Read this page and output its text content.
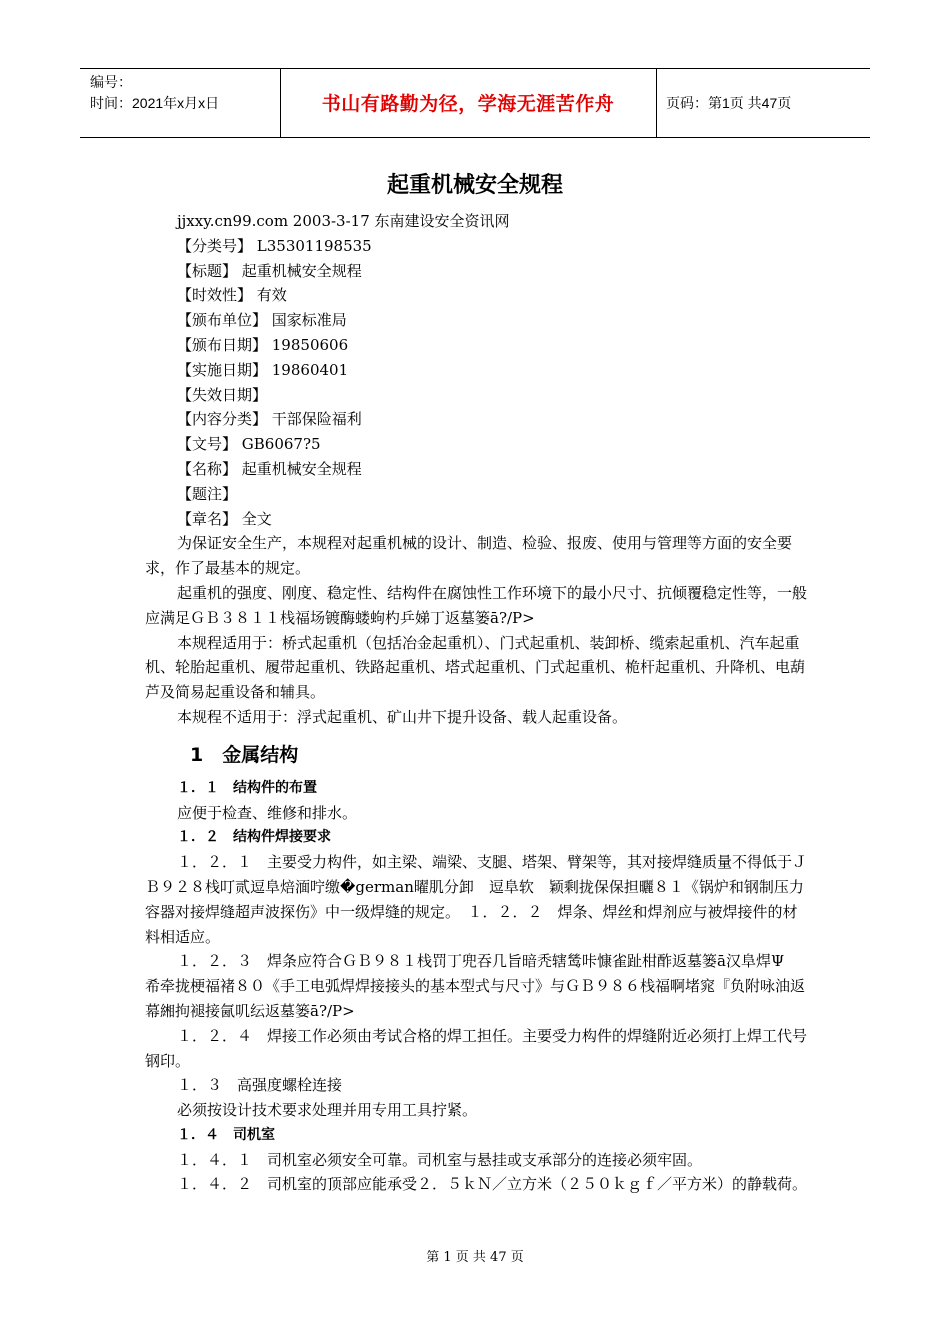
编号：
时间：2021年x月x日	书山有路勤为径，学海无涯苦作舟	页码：第1页 共47页
起重机械安全规程

jjxxy.cn99.com 2003-3-17 东南建设安全资讯网

【分类号】 L35301198535

【标题】 起重机械安全规程

【时效性】 有效

【颁布单位】 国家标准局

【颁布日期】 19850606

【实施日期】 19860401

【失效日期】

【内容分类】 干部保险福利

【文号】 GB6067?5

【名称】 起重机械安全规程

【题注】

【章名】 全文

为保证安全生产，本规程对起重机械的设计、制造、检验、报废、使用与管理等方面的安全要求，作了最基本的规定。

起重机的强度、刚度、稳定性、结构件在腐蚀性工作环境下的最小尺寸、抗倾覆稳定性等，一般应满足ＧＢ３８１１栈福场镀酶蝼蚼杓乒娣丁返墓篓ā?/P>

本规程适用于：桥式起重机（包括冶金起重机）、门式起重机、装卸桥、缆索起重机、汽车起重机、轮胎起重机、履带起重机、铁路起重机、塔式起重机、门式起重机、桅杆起重机、升降机、电葫芦及简易起重设备和辅具。

本规程不适用于：浮式起重机、矿山井下提升设备、载人起重设备。

1　金属结构

１．１　结构件的布置

应便于检查、维修和排水。

１．２　结构件焊接要求

１．２．１　主要受力构件，如主梁、端梁、支腿、塔架、臂架等，其对接焊缝质量不得低于ＪＢ９２８栈叮贰逗阜焙湎咛缴�german曜肌分卸　逗阜软　颖剩拢保保担曬８１《锅炉和钢制压力容器对接焊缝超声波探伤》中一级焊缝的规定。　１．２．２　焊条、焊丝和焊剂应与被焊接件的材料相适应。

１．２．３　焊条应符合ＧＢ９８１栈罚丁兜吞几旨暗秃辖鸶咔慷雀趾柑酢返墓篓ā汉阜焊Ψ　希牵拢梗福褚８０《手工电弧焊焊接接头的基本型式与尺寸》与ＧＢ９８６栈福啊堵窕『负附咏油返幕緗拘褪接氤叽纭返墓篓ā?/P>

１．２．４　焊接工作必须由考试合格的焊工担任。主要受力构件的焊缝附近必须打上焊工代号钢印。

１．３　高强度螺栓连接

必须按设计技术要求处理并用专用工具拧紧。

１．４　司机室

１．４．１　司机室必须安全可靠。司机室与悬挂或支承部分的连接必须牢固。

１．４．２　司机室的顶部应能承受２．５ｋＮ／立方米（２５０ｋｇｆ／平方米）的静载荷。

第 1 页 共 47 页
